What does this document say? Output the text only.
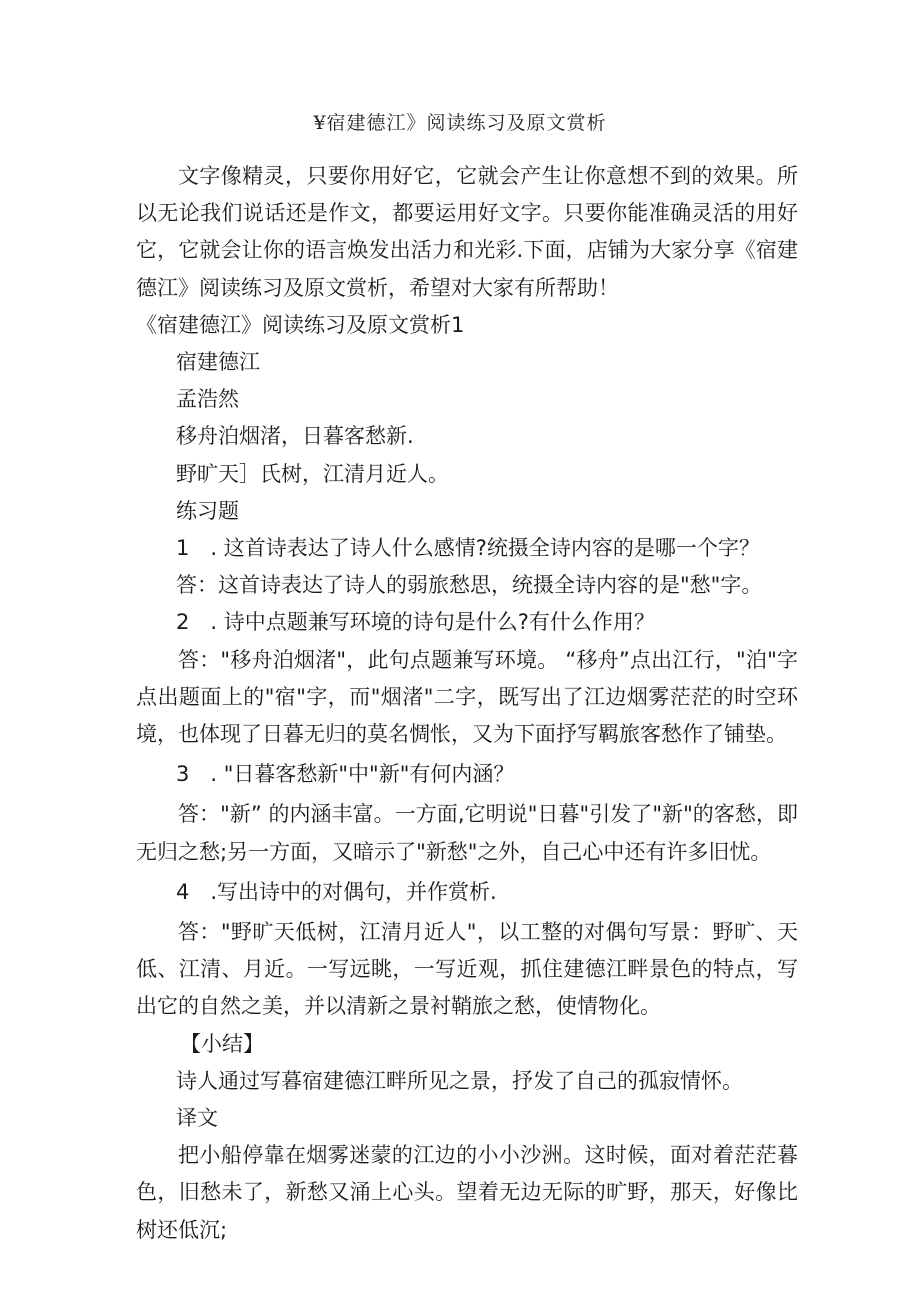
¥宿建德江》阅读练习及原文赏析

文字像精灵，只要你用好它，它就会产生让你意想不到的效果。所以无论我们说话还是作文，都要运用好文字。只要你能准确灵活的用好它，它就会让你的语言焕发出活力和光彩.下面，店铺为大家分享《宿建德江》阅读练习及原文赏析，希望对大家有所帮助！

《宿建德江》阅读练习及原文赏析1

宿建德江

孟浩然

移舟泊烟渚，日暮客愁新.

野旷天］氏树，江清月近人。

练习题

1　. 这首诗表达了诗人什么感情?统摄全诗内容的是哪一个字？

答：这首诗表达了诗人的弱旅愁思，统摄全诗内容的是"愁"字。

2　. 诗中点题兼写环境的诗句是什么?有什么作用？

答："移舟泊烟渚"，此句点题兼写环境。 “移舟”点出江行，"泊"字点出题面上的"宿"字，而"烟渚"二字，既写出了江边烟雾茫茫的时空环境，也体现了日暮无归的莫名惆怅，又为下面抒写羁旅客愁作了铺垫。

3　. "日暮客愁新"中"新"有何内涵？

答："新” 的内涵丰富。一方面,它明说"日暮"引发了"新"的客愁，即无归之愁;另一方面，又暗示了"新愁"之外，自己心中还有许多旧忧。

4　.写出诗中的对偶句，并作赏析.

答："野旷天低树，江清月近人"，以工整的对偶句写景：野旷、天低、江清、月近。一写远眺，一写近观，抓住建德江畔景色的特点，写出它的自然之美，并以清新之景衬鞘旅之愁，使情物化。

【小结】

诗人通过写暮宿建德江畔所见之景，抒发了自己的孤寂情怀。

译文

把小船停靠在烟雾迷蒙的江边的小小沙洲。这时候，面对着茫茫暮色，旧愁未了，新愁又涌上心头。望着无边无际的旷野，那天，好像比树还低沉;
